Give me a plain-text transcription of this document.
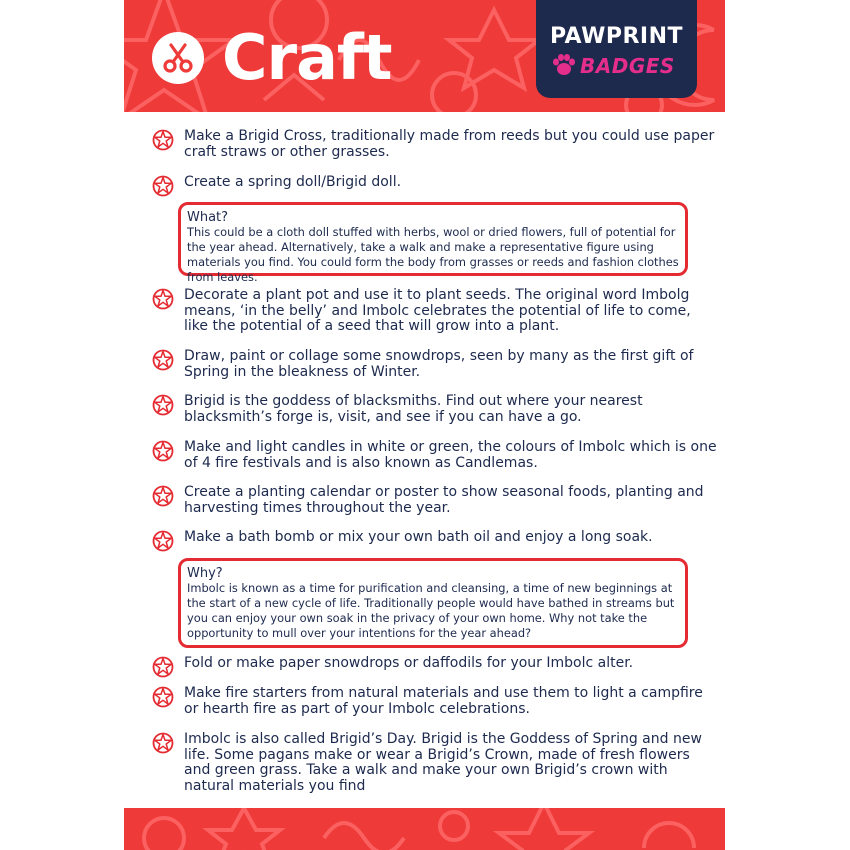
Craft	PAWPRINT
BADGES
Make a Brigid Cross, traditionally made from reeds but you could use paper craft straws or other grasses.
Create a spring doll/Brigid doll.
What?
This could be a cloth doll stuffed with herbs, wool or dried flowers, full of potential for the year ahead. Alternatively, take a walk and make a representative figure using materials you find. You could form the body from grasses or reeds and fashion clothes from leaves.
Decorate a plant pot and use it to plant seeds. The original word Imbolg means, ‘in the belly’ and Imbolc celebrates the potential of life to come, like the potential of a seed that will grow into a plant.
Draw, paint or collage some snowdrops, seen by many as the first gift of Spring in the bleakness of Winter.
Brigid is the goddess of blacksmiths. Find out where your nearest blacksmith’s forge is, visit, and see if you can have a go.
Make and light candles in white or green, the colours of Imbolc which is one of 4 fire festivals and is also known as Candlemas.
Create a planting calendar or poster to show seasonal foods, planting and harvesting times throughout the year.
Make a bath bomb or mix your own bath oil and enjoy a long soak.
Why?
Imbolc is known as a time for purification and cleansing, a time of new beginnings at the start of a new cycle of life. Traditionally people would have bathed in streams but you can enjoy your own soak in the privacy of your own home. Why not take the opportunity to mull over your intentions for the year ahead?
Fold or make paper snowdrops or daffodils for your Imbolc alter.
Make fire starters from natural materials and use them to light a campfire or hearth fire as part of your Imbolc celebrations.
Imbolc is also called Brigid’s Day. Brigid is the Goddess of Spring and new life. Some pagans make or wear a Brigid’s Crown, made of fresh flowers and green grass. Take a walk and make your own Brigid’s crown with natural materials you find
